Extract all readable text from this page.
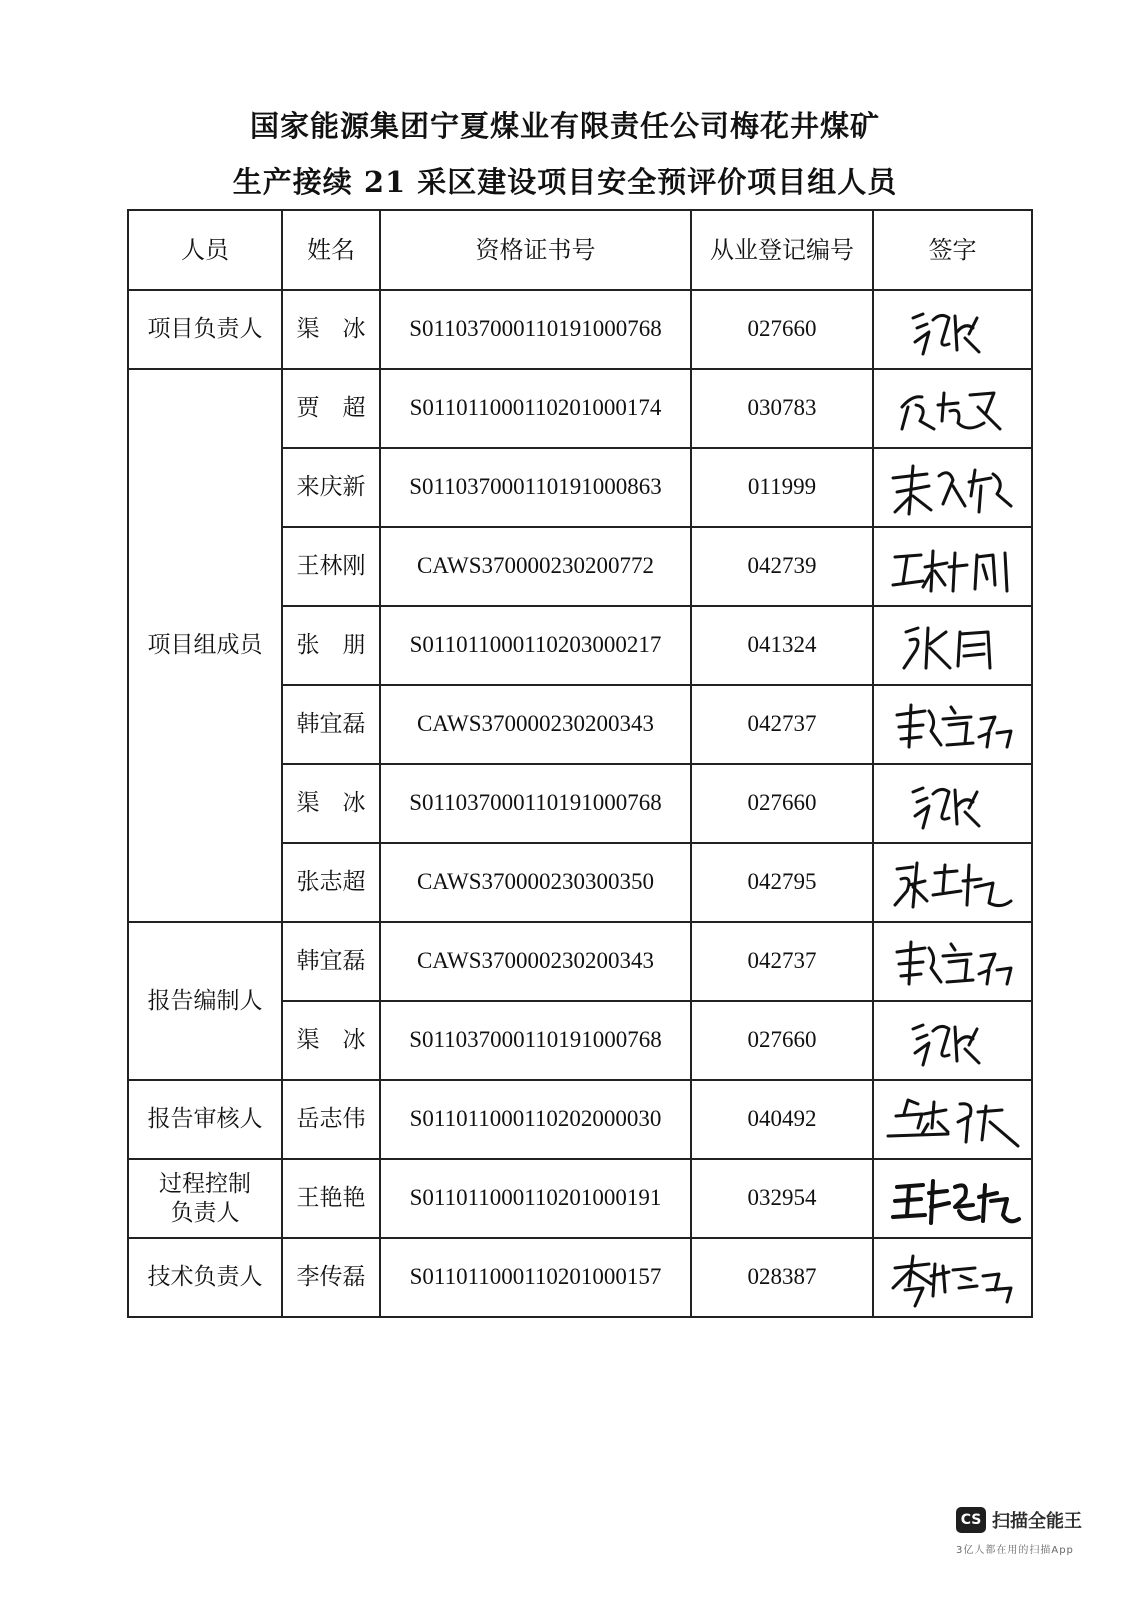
国家能源集团宁夏煤业有限责任公司梅花井煤矿
生产接续 21 采区建设项目安全预评价项目组人员
人员	姓名	资格证书号	从业登记编号	签字
项目负责人	渠　冰	S011037000110191000768	027660	

项目组成员	贾　超	S011011000110201000174	030783	

	来庆新	S011037000110191000863	011999	

	王林刚	CAWS370000230200772	042739	

	张　朋	S011011000110203000217	041324	

	韩宜磊	CAWS370000230200343	042737	

	渠　冰	S011037000110191000768	027660	

	张志超	CAWS370000230300350	042795	

报告编制人	韩宜磊	CAWS370000230200343	042737	

	渠　冰	S011037000110191000768	027660	

报告审核人	岳志伟	S011011000110202000030	040492	

过程控制
负责人	王艳艳	S011011000110201000191	032954	

技术负责人	李传磊	S011011000110201000157	028387	
CS 扫描全能王
3亿人都在用的扫描App
